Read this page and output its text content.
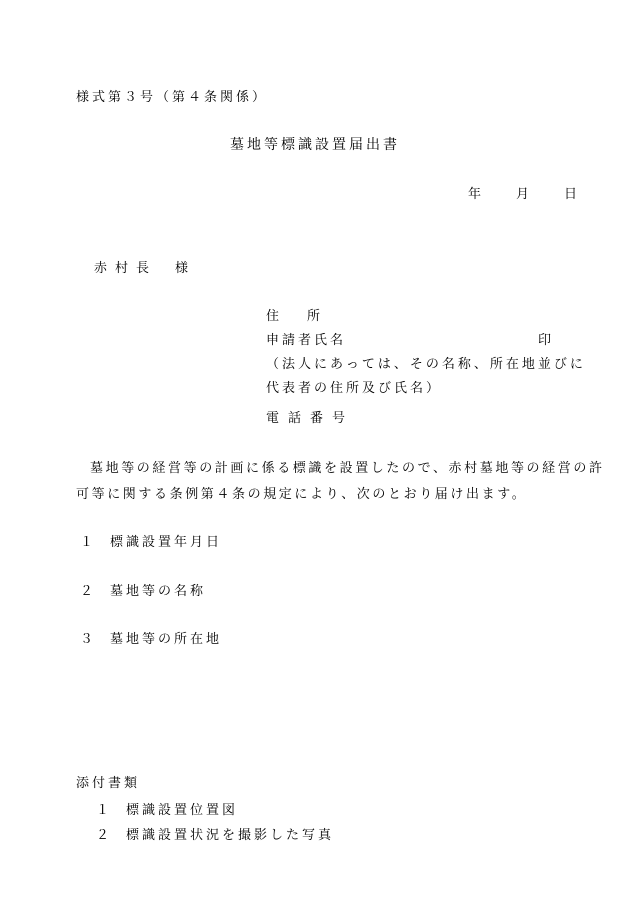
様式第３号（第４条関係）
墓地等標識設置届出書
年 月 日
赤村長 様
住所
申請者氏名	印
（法人にあっては、その名称、所在地並びに
代表者の住所及び氏名）
電話番号
墓地等の経営等の計画に係る標識を設置したので、赤村墓地等の経営の許可等に関する条例第４条の規定により、次のとおり届け出ます。
１ 標識設置年月日
２ 墓地等の名称
３ 墓地等の所在地
添付書類
１ 標識設置位置図
２ 標識設置状況を撮影した写真
